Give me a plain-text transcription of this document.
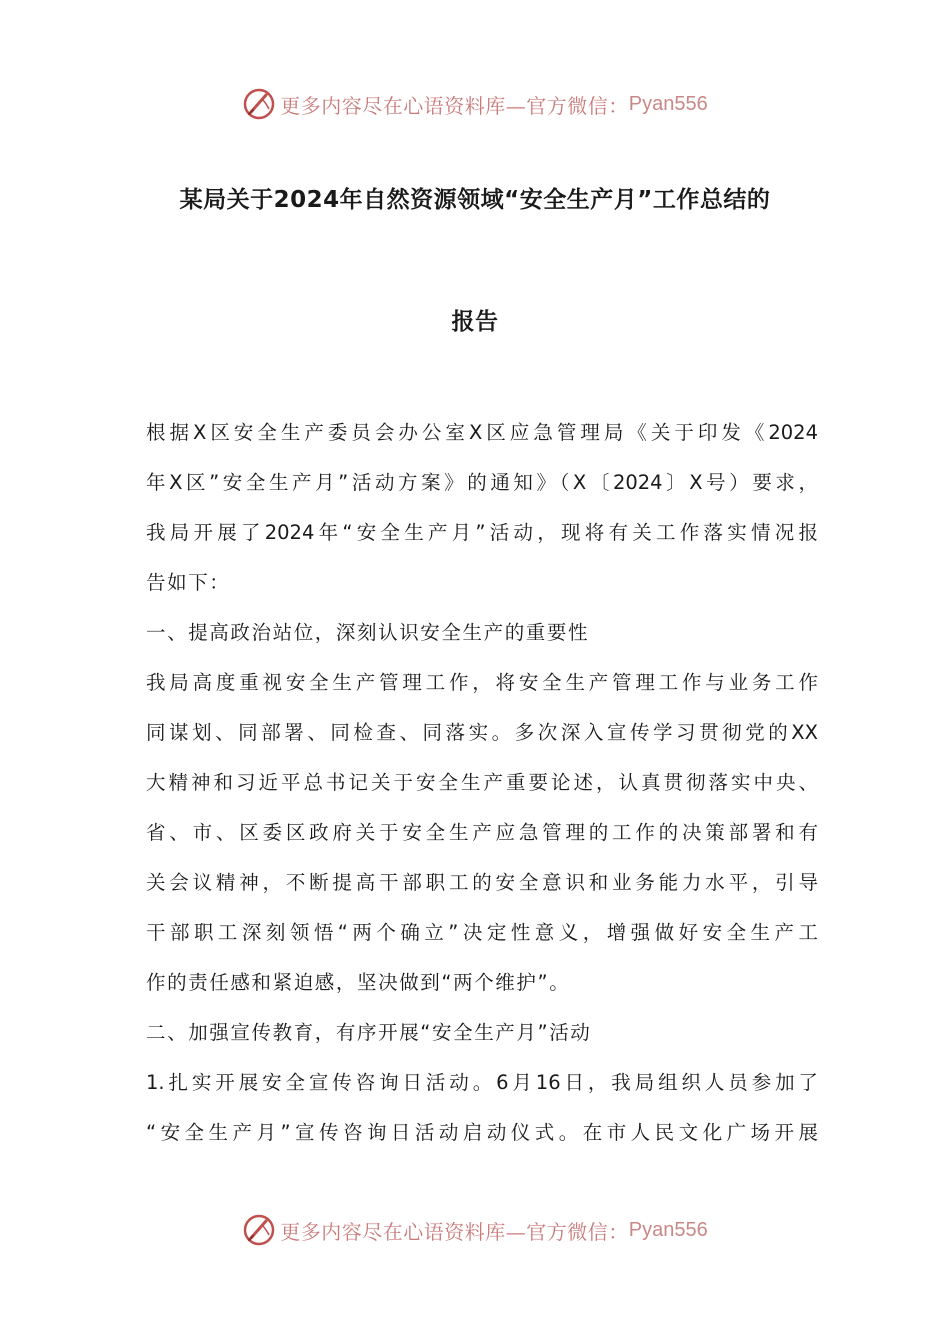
更多内容尽在心语资料库—官方微信： Pyan556
某局关于2024年自然资源领域“安全生产月”工作总结的
报告
根据X区安全生产委员会办公室X区应急管理局《关于印发《2024
年X区”安全生产月”活动方案》的通知》（X〔2024〕X号）要求，
我局开展了2024年“安全生产月”活动，现将有关工作落实情况报
告如下：
一、提高政治站位，深刻认识安全生产的重要性
我局高度重视安全生产管理工作，将安全生产管理工作与业务工作
同谋划、同部署、同检查、同落实。多次深入宣传学习贯彻党的XX
大精神和习近平总书记关于安全生产重要论述，认真贯彻落实中央、
省、市、区委区政府关于安全生产应急管理的工作的决策部署和有
关会议精神，不断提高干部职工的安全意识和业务能力水平，引导
干部职工深刻领悟“两个确立”决定性意义，增强做好安全生产工
作的责任感和紧迫感，坚决做到“两个维护”。
二、加强宣传教育，有序开展“安全生产月”活动
1.扎实开展安全宣传咨询日活动。6月16日，我局组织人员参加了
“安全生产月”宣传咨询日活动启动仪式。在市人民文化广场开展
更多内容尽在心语资料库—官方微信： Pyan556
